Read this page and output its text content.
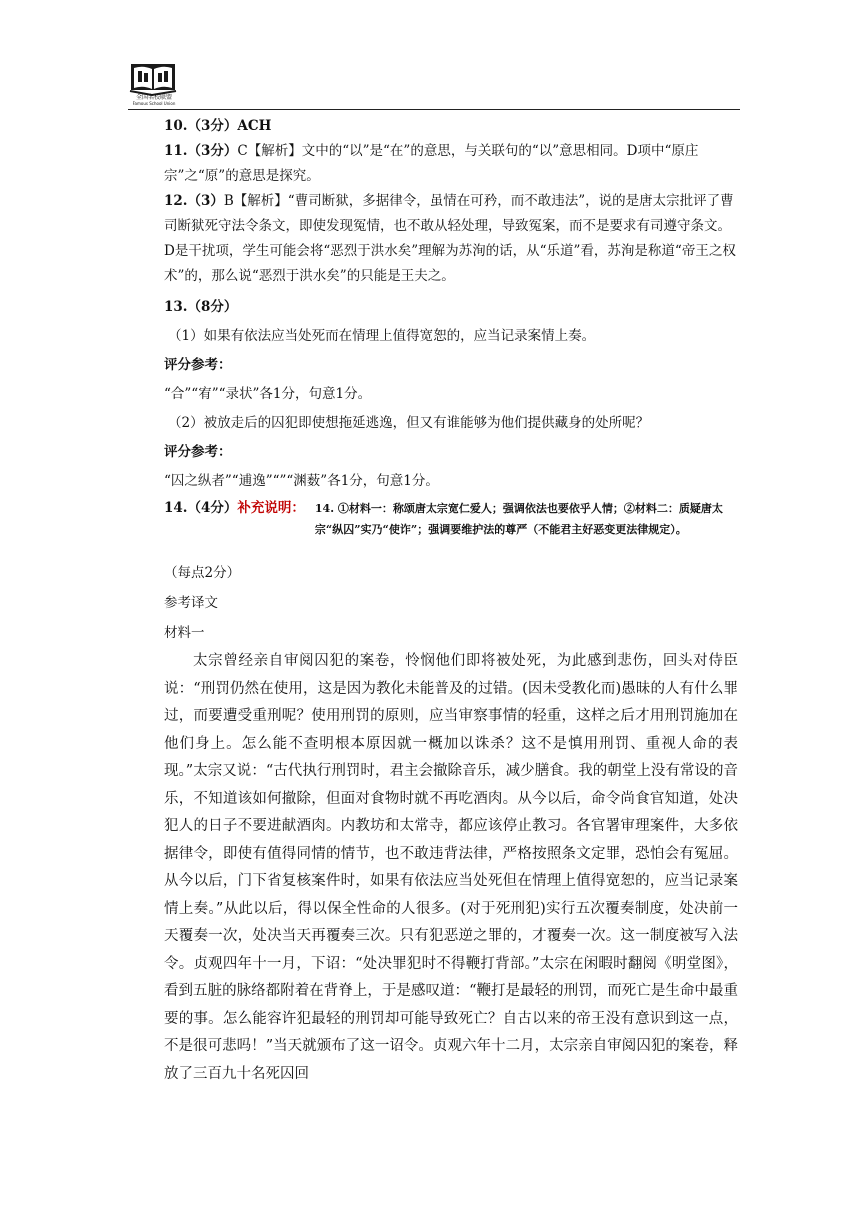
全国名校联盟
Famous School Union

10.（3分）ACH

11.（3分）C【解析】文中的“以”是“在”的意思，与关联句的“以”意思相同。D项中“原庄宗”之“原”的意思是探究。

12.（3）B【解析】“曹司断狱，多据律令，虽情在可矜，而不敢违法”，说的是唐太宗批评了曹司断狱死守法令条文，即使发现冤情，也不敢从轻处理，导致冤案，而不是要求有司遵守条文。D是干扰项，学生可能会将“恶烈于洪水矣”理解为苏洵的话，从“乐道”看，苏洵是称道“帝王之权术”的，那么说“恶烈于洪水矣”的只能是王夫之。

13.（8分）

（1）如果有依法应当处死而在情理上值得宽恕的，应当记录案情上奏。

评分参考：

“合”“宥”“录状”各1分，句意1分。

（2）被放走后的囚犯即使想拖延逃逸，但又有谁能够为他们提供藏身的处所呢？

评分参考：

“囚之纵者”“逋逸”“”“渊薮”各1分，句意1分。

14.（4分）补充说明： 14. ①材料一：称颂唐太宗宽仁爱人；强调依法也要依乎人情；②材料二：质疑唐太宗“纵囚”实乃“使诈”；强调要维护法的尊严（不能君主好恶变更法律规定）。

（每点2分）

参考译文

材料一

太宗曾经亲自审阅囚犯的案卷，怜悯他们即将被处死，为此感到悲伤，回头对侍臣说：“刑罚仍然在使用，这是因为教化未能普及的过错。(因未受教化而)愚昧的人有什么罪过，而要遭受重刑呢？使用刑罚的原则，应当审察事情的轻重，这样之后才用刑罚施加在他们身上。怎么能不查明根本原因就一概加以诛杀？这不是慎用刑罚、重视人命的表现。”太宗又说：“古代执行刑罚时，君主会撤除音乐，减少膳食。我的朝堂上没有常设的音乐，不知道该如何撤除，但面对食物时就不再吃酒肉。从今以后，命令尚食官知道，处决犯人的日子不要进献酒肉。内教坊和太常寺，都应该停止教习。各官署审理案件，大多依据律令，即使有值得同情的情节，也不敢违背法律，严格按照条文定罪，恐怕会有冤屈。从今以后，门下省复核案件时，如果有依法应当处死但在情理上值得宽恕的，应当记录案情上奏。”从此以后，得以保全性命的人很多。(对于死刑犯)实行五次覆奏制度，处决前一天覆奏一次，处决当天再覆奏三次。只有犯恶逆之罪的，才覆奏一次。这一制度被写入法令。贞观四年十一月，下诏：“处决罪犯时不得鞭打背部。”太宗在闲暇时翻阅《明堂图》，看到五脏的脉络都附着在背脊上，于是感叹道：“鞭打是最轻的刑罚，而死亡是生命中最重要的事。怎么能容许犯最轻的刑罚却可能导致死亡？自古以来的帝王没有意识到这一点，不是很可悲吗！”当天就颁布了这一诏令。贞观六年十二月，太宗亲自审阅囚犯的案卷，释放了三百九十名死囚回
